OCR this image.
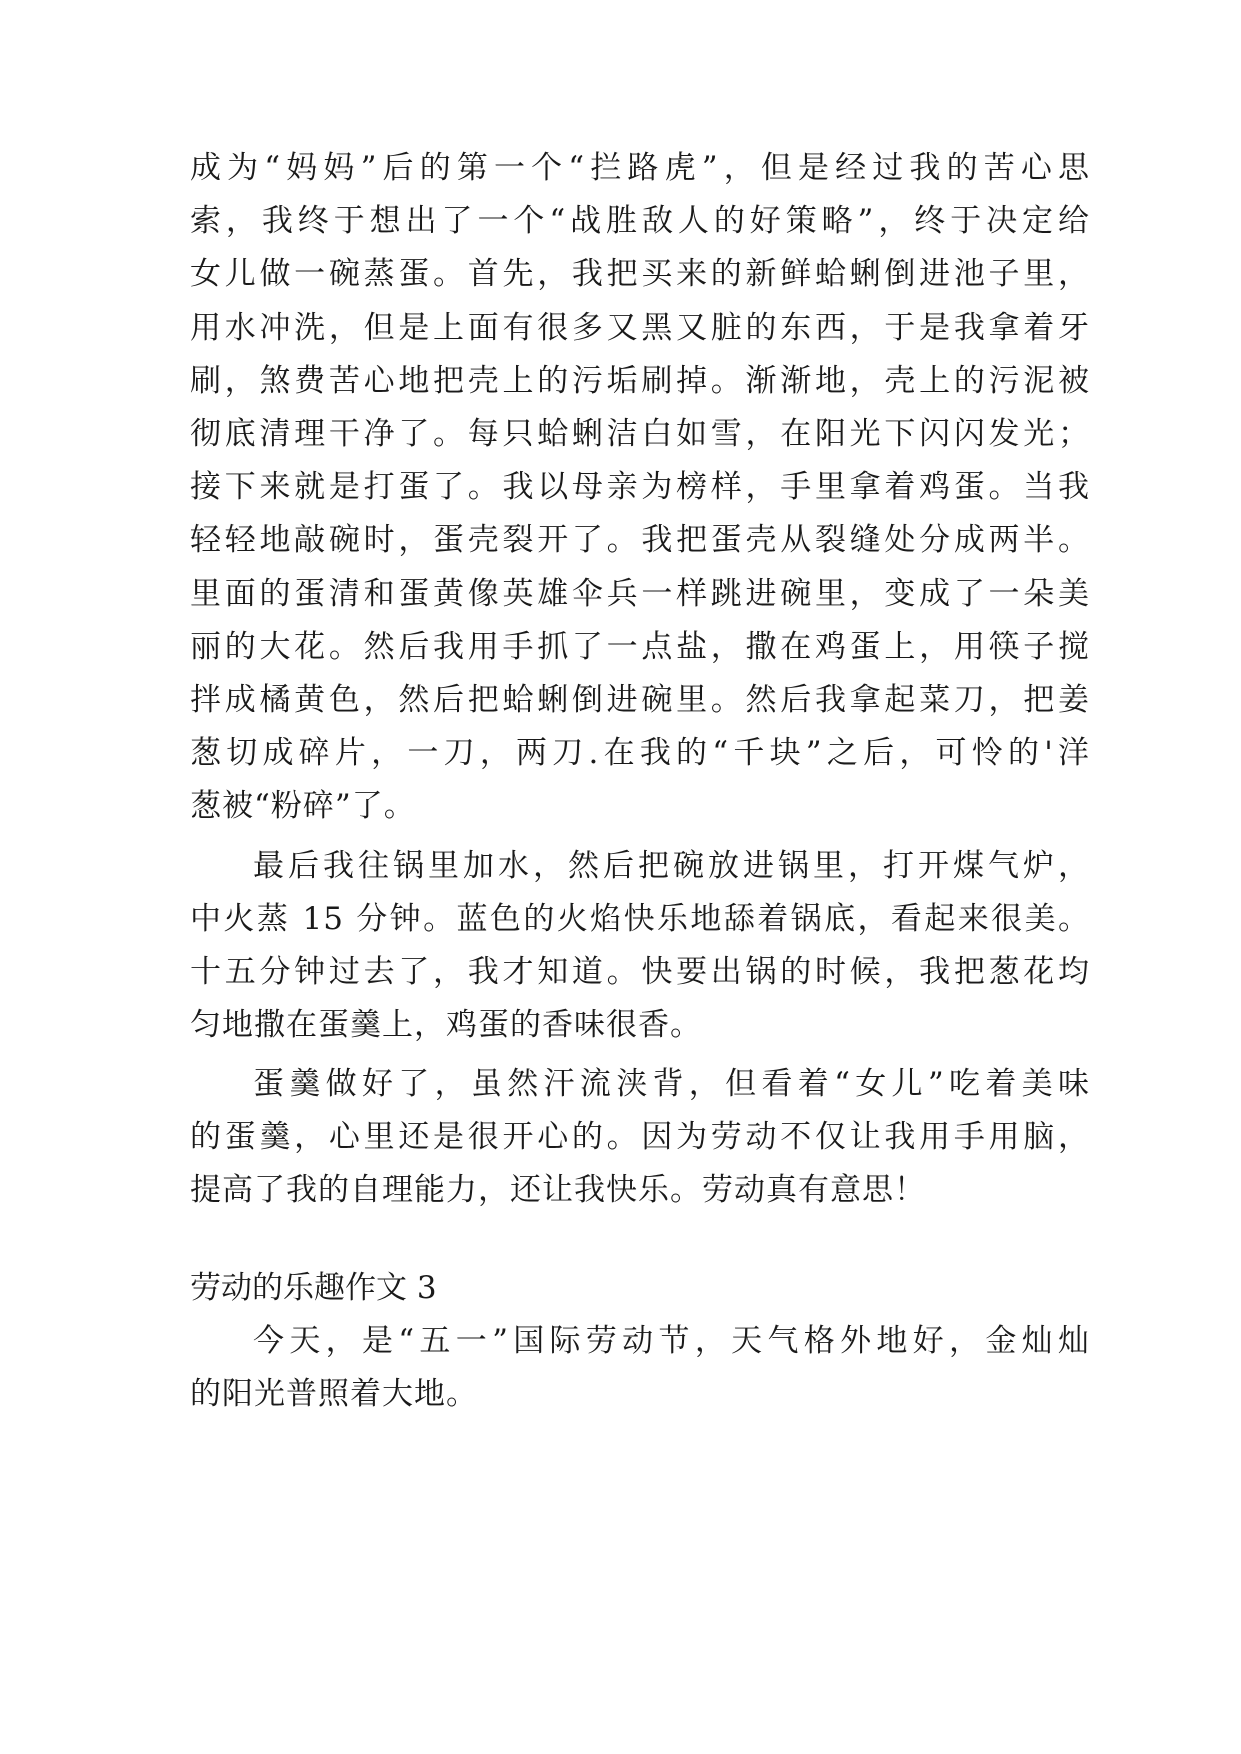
成为“妈妈”后的第一个“拦路虎”，但是经过我的苦心思

索，我终于想出了一个“战胜敌人的好策略”，终于决定给

女儿做一碗蒸蛋。首先，我把买来的新鲜蛤蜊倒进池子里，

用水冲洗，但是上面有很多又黑又脏的东西，于是我拿着牙

刷，煞费苦心地把壳上的污垢刷掉。渐渐地，壳上的污泥被

彻底清理干净了。每只蛤蜊洁白如雪，在阳光下闪闪发光；

接下来就是打蛋了。我以母亲为榜样，手里拿着鸡蛋。当我

轻轻地敲碗时，蛋壳裂开了。我把蛋壳从裂缝处分成两半。

里面的蛋清和蛋黄像英雄伞兵一样跳进碗里，变成了一朵美

丽的大花。然后我用手抓了一点盐，撒在鸡蛋上，用筷子搅

拌成橘黄色，然后把蛤蜊倒进碗里。然后我拿起菜刀，把姜

葱切成碎片，一刀，两刀.在我的“千块”之后，可怜的'洋

葱被“粉碎”了。

最后我往锅里加水，然后把碗放进锅里，打开煤气炉，

中火蒸 15 分钟。蓝色的火焰快乐地舔着锅底，看起来很美。

十五分钟过去了，我才知道。快要出锅的时候，我把葱花均

匀地撒在蛋羹上，鸡蛋的香味很香。

蛋羹做好了，虽然汗流浃背，但看着“女儿”吃着美味

的蛋羹，心里还是很开心的。因为劳动不仅让我用手用脑，

提高了我的自理能力，还让我快乐。劳动真有意思！

劳动的乐趣作文 3

今天，是“五一”国际劳动节，天气格外地好，金灿灿

的阳光普照着大地。
